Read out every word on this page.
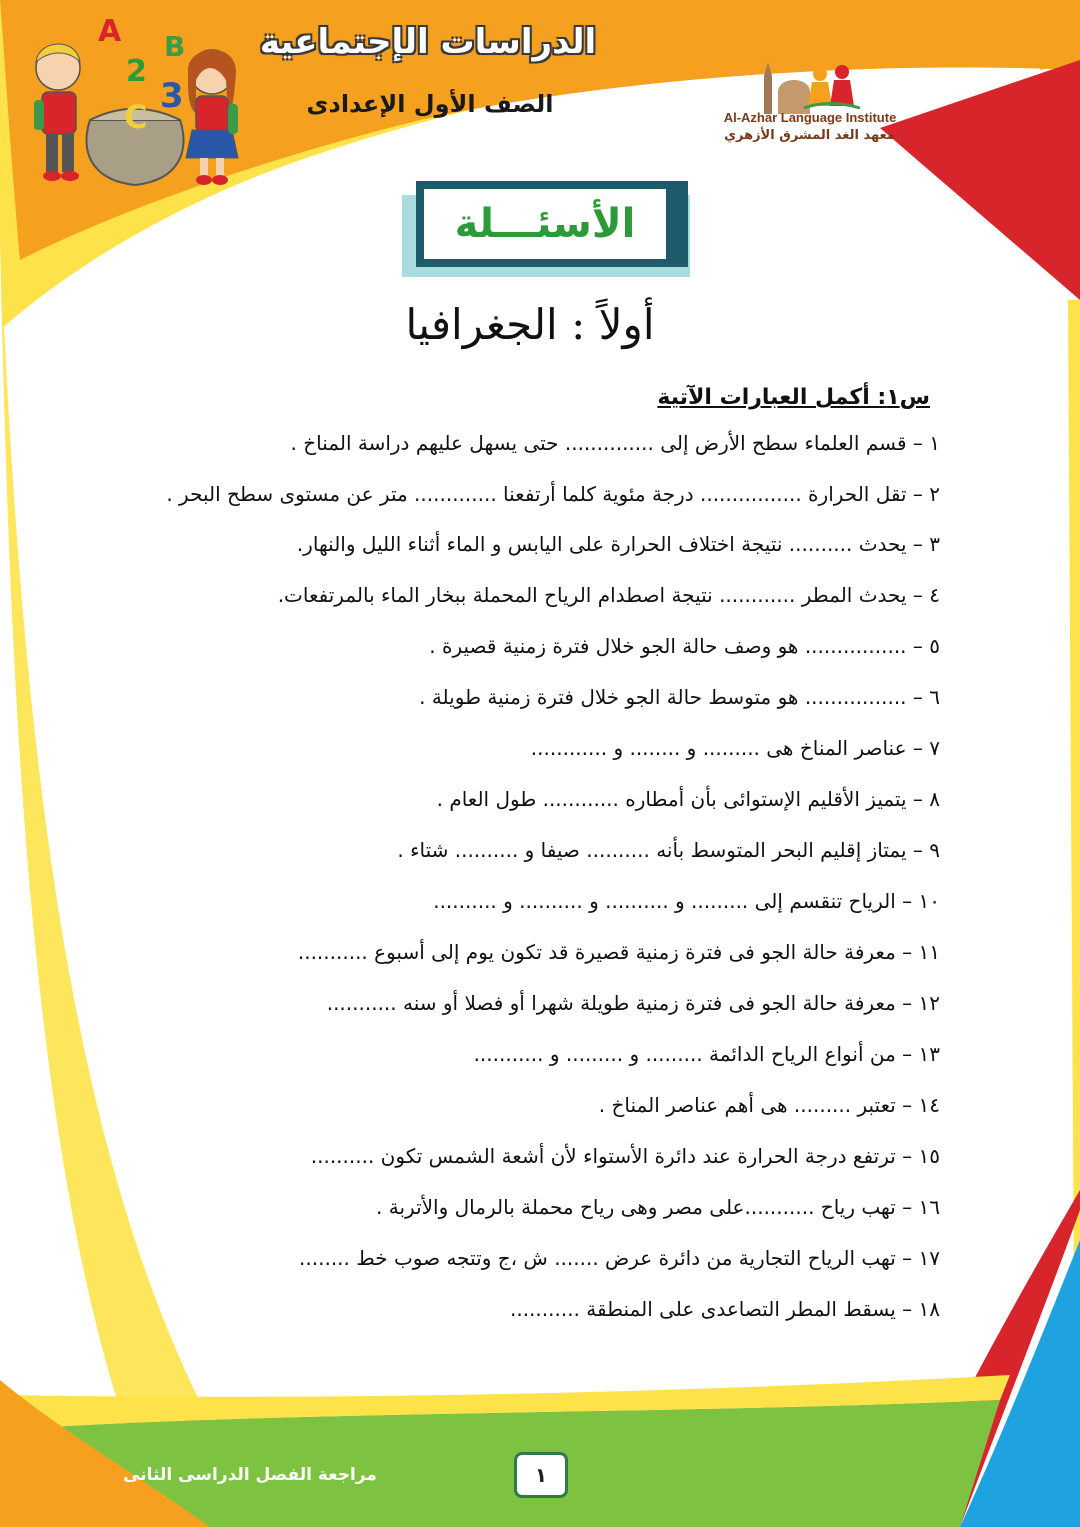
A B
1 2
3
C
الدراسات الإجتماعية
الصف الأول الإعدادى	Al-Azhar Language Institute
معهد الغد المشرق الأزهري
الأسئـــلة
أولاً : الجغرافيا
س١: أكمل العبارات الآتية
١ – قسم العلماء سطح الأرض إلى .............. حتى يسهل عليهم دراسة المناخ .
٢ – تقل الحرارة ................ درجة مئوية كلما أرتفعنا ............. متر عن مستوى سطح البحر .
٣ – يحدث .......... نتيجة اختلاف الحرارة على اليابس و الماء أثناء الليل والنهار.
٤ – يحدث المطر ............ نتيجة اصطدام الرياح المحملة ببخار الماء بالمرتفعات.
٥ – ................ هو وصف حالة الجو خلال فترة زمنية قصيرة .
٦ – ................ هو متوسط حالة الجو خلال فترة زمنية طويلة .
٧ – عناصر المناخ هى ......... و ........ و ............
٨ – يتميز الأقليم الإستوائى بأن أمطاره ............ طول العام .
٩ – يمتاز إقليم البحر المتوسط بأنه .......... صيفا و .......... شتاء .
١٠ – الرياح تنقسم إلى ......... و .......... و .......... و ..........
١١ – معرفة حالة الجو فى فترة زمنية قصيرة قد تكون يوم إلى أسبوع ...........
١٢ – معرفة حالة الجو فى فترة زمنية طويلة شهرا أو فصلا أو سنه ...........
١٣ – من أنواع الرياح الدائمة ......... و ......... و ...........
١٤ – تعتبر ......... هى أهم عناصر المناخ .
١٥ – ترتفع درجة الحرارة عند دائرة الأستواء لأن أشعة الشمس تكون ..........
١٦ – تهب رياح ...........على مصر وهى رياح محملة بالرمال والأتربة .
١٧ – تهب الرياح التجارية من دائرة عرض ....... ش ،ج وتتجه صوب خط ........
١٨ – يسقط المطر التصاعدى على المنطقة ...........
مراجعة الفصل الدراسى الثانى	١
